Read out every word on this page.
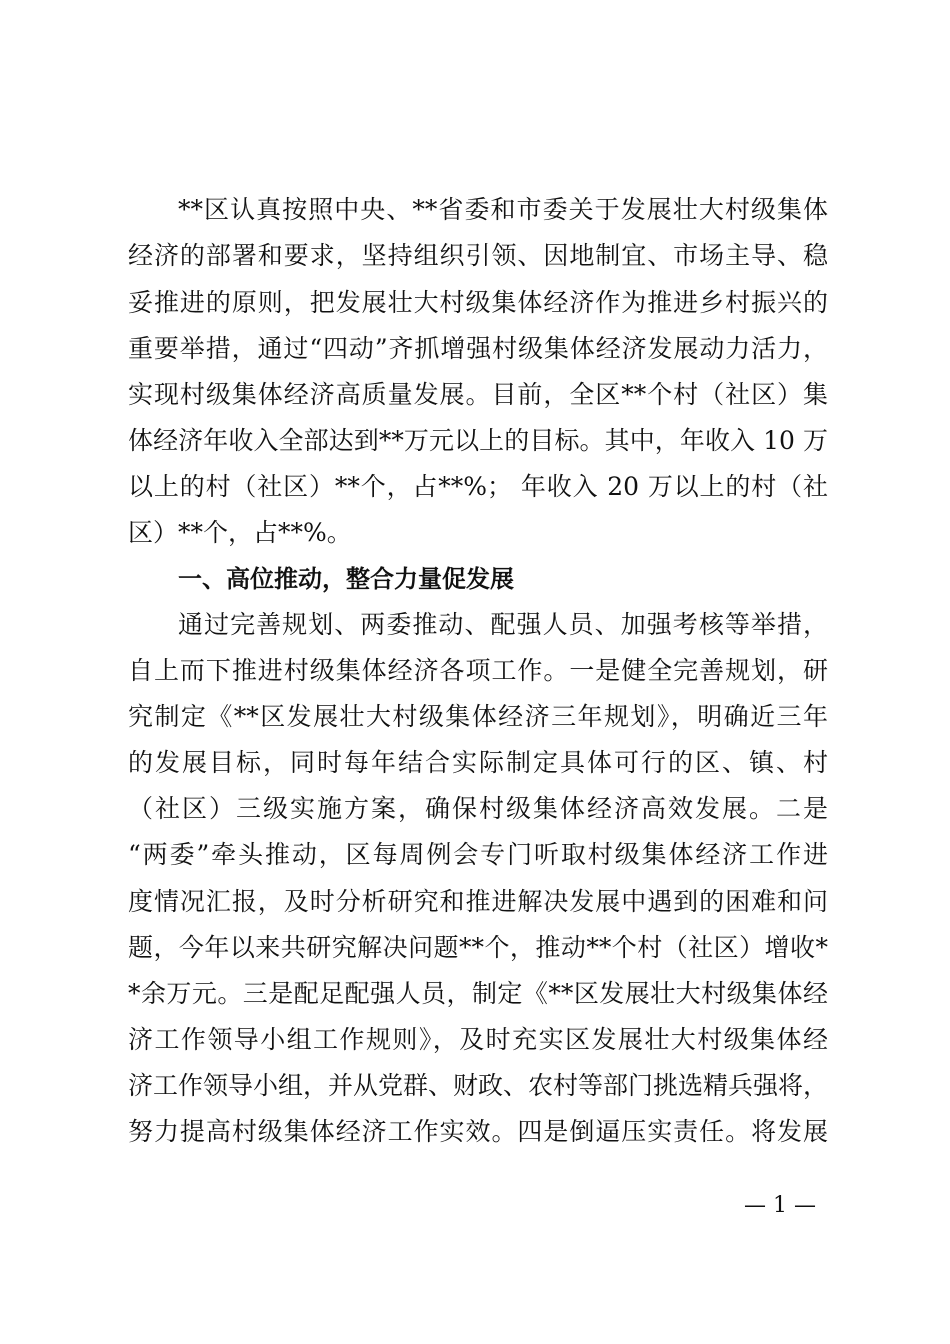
**区认真按照中央、**省委和市委关于发展壮大村级集体
经济的部署和要求，坚持组织引领、因地制宜、市场主导、稳
妥推进的原则，把发展壮大村级集体经济作为推进乡村振兴的
重要举措，通过“四动”齐抓增强村级集体经济发展动力活力，
实现村级集体经济高质量发展。目前，全区**个村（社区）集
体经济年收入全部达到**万元以上的目标。其中，年收入 10 万
以上的村（社区）**个，占**%； 年收入 20 万以上的村（社
区）**个，占**%。
一、高位推动，整合力量促发展
通过完善规划、两委推动、配强人员、加强考核等举措，
自上而下推进村级集体经济各项工作。一是健全完善规划，研
究制定《**区发展壮大村级集体经济三年规划》，明确近三年
的发展目标，同时每年结合实际制定具体可行的区、镇、村
（社区）三级实施方案，确保村级集体经济高效发展。二是
“两委”牵头推动，区每周例会专门听取村级集体经济工作进
度情况汇报，及时分析研究和推进解决发展中遇到的困难和问
题，今年以来共研究解决问题**个，推动**个村（社区）增收*
*余万元。三是配足配强人员，制定《**区发展壮大村级集体经
济工作领导小组工作规则》，及时充实区发展壮大村级集体经
济工作领导小组，并从党群、财政、农村等部门挑选精兵强将，
努力提高村级集体经济工作实效。四是倒逼压实责任。将发展
— 1 —
